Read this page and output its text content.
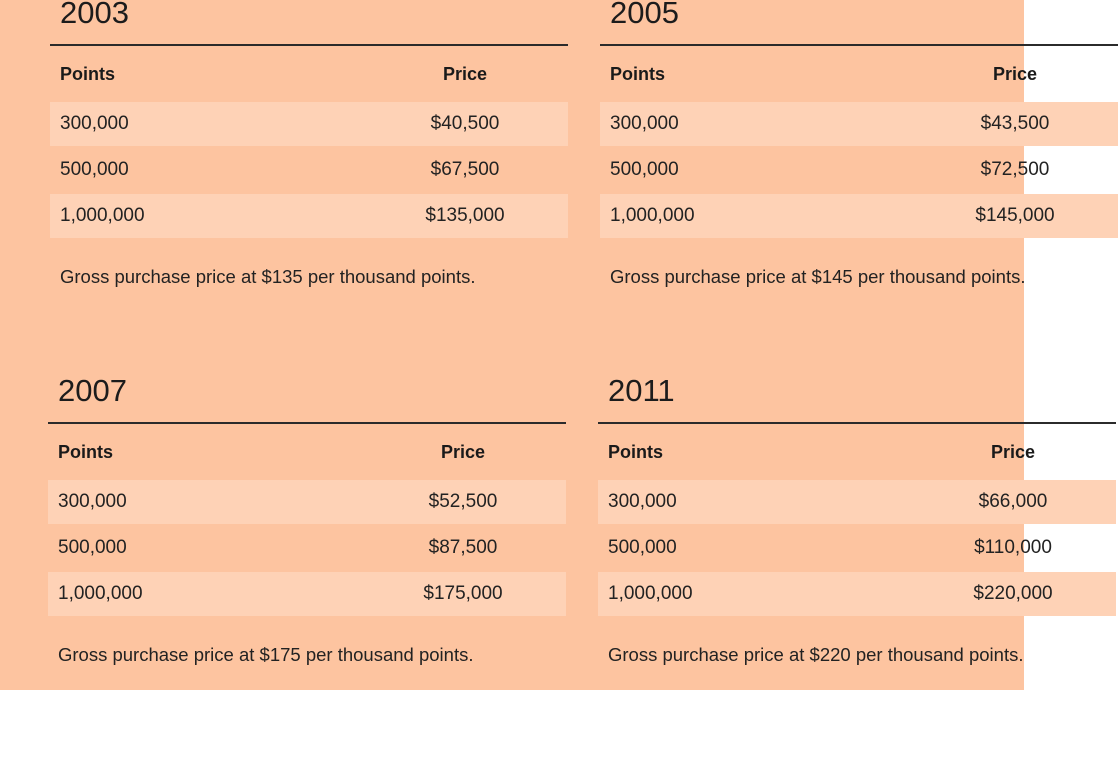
2003
Points	Price
300,000	$40,500
500,000	$67,500
1,000,000	$135,000
Gross purchase price at $135 per thousand points.
2005
Points	Price
300,000	$43,500
500,000	$72,500
1,000,000	$145,000
Gross purchase price at $145 per thousand points.
2007
Points	Price
300,000	$52,500
500,000	$87,500
1,000,000	$175,000
Gross purchase price at $175 per thousand points.
2011
Points	Price
300,000	$66,000
500,000	$110,000
1,000,000	$220,000
Gross purchase price at $220 per thousand points.
